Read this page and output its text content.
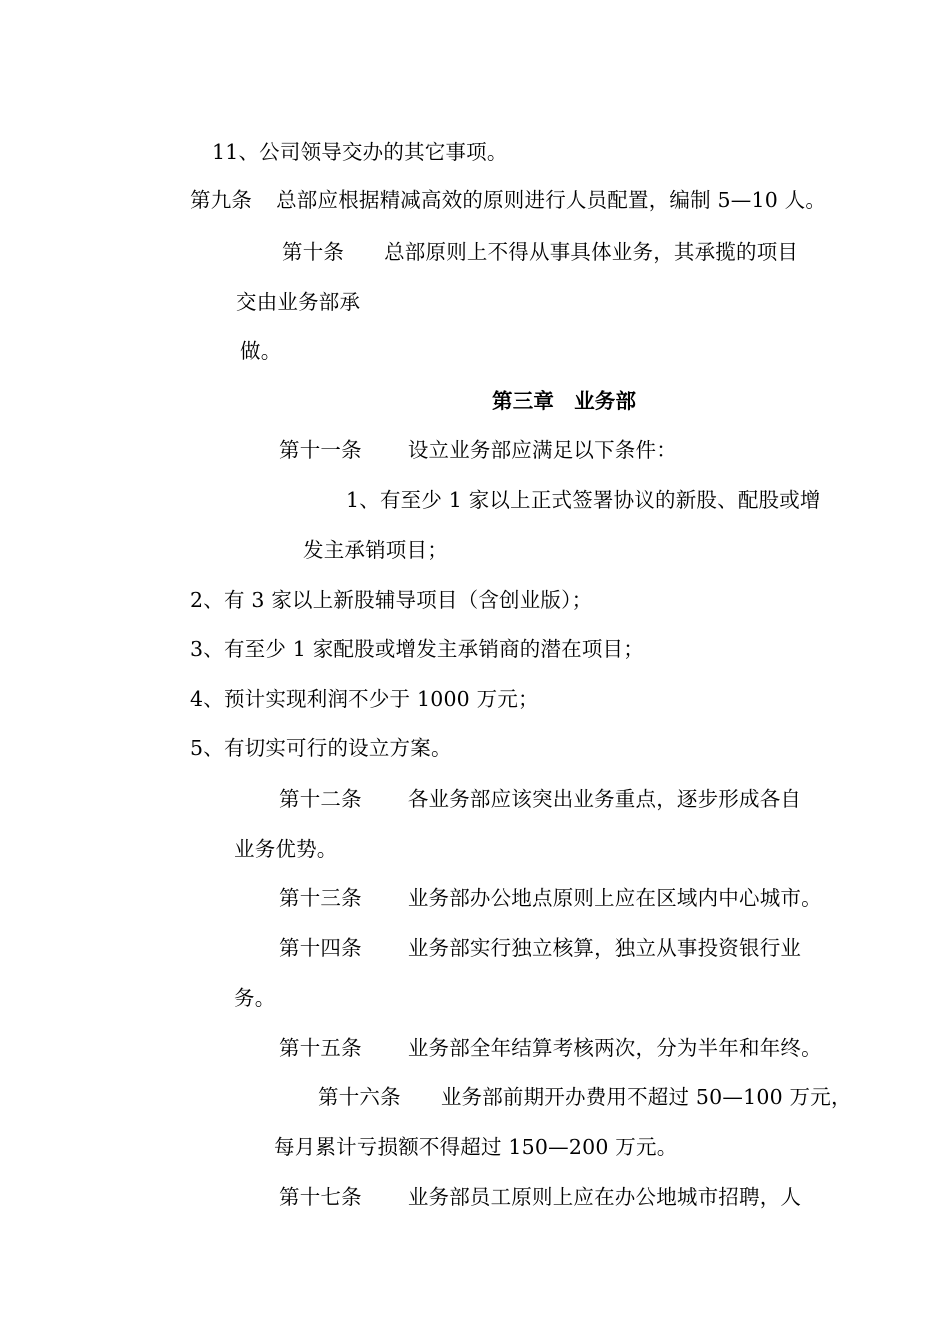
11、公司领导交办的其它事项。
第九条 总部应根据精减高效的原则进行人员配置，编制 5—10 人。
第十条 总部原则上不得从事具体业务，其承揽的项目
交由业务部承
做。
第三章 业务部
第十一条 设立业务部应满足以下条件：
1、有至少 1 家以上正式签署协议的新股、配股或增
发主承销项目；
2、有 3 家以上新股辅导项目（含创业版）；
3、有至少 1 家配股或增发主承销商的潜在项目；
4、预计实现利润不少于 1000 万元；
5、有切实可行的设立方案。
第十二条 各业务部应该突出业务重点，逐步形成各自
业务优势。
第十三条 业务部办公地点原则上应在区域内中心城市。
第十四条 业务部实行独立核算，独立从事投资银行业
务。
第十五条 业务部全年结算考核两次，分为半年和年终。
第十六条 业务部前期开办费用不超过 50—100 万元，
每月累计亏损额不得超过 150—200 万元。
第十七条 业务部员工原则上应在办公地城市招聘，人
